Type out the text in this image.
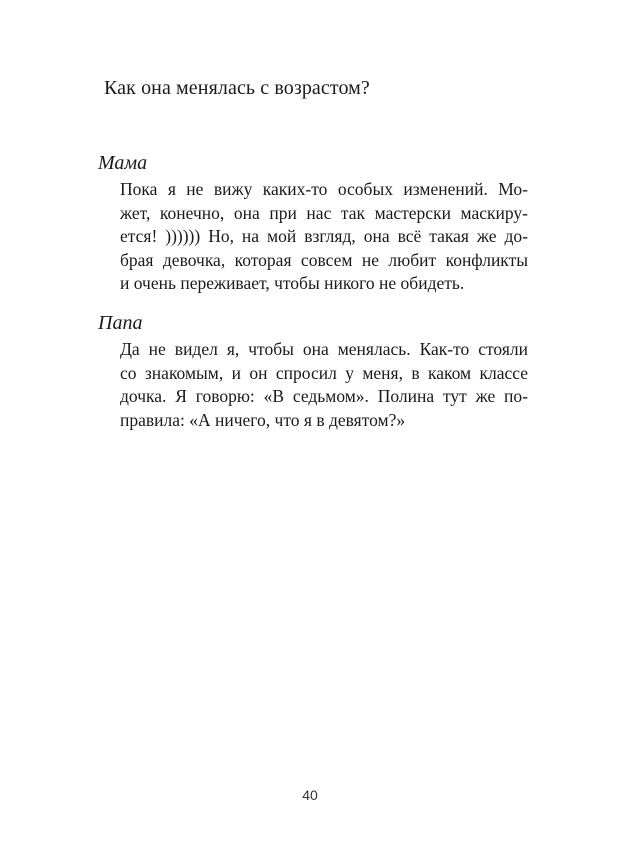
Как она менялась с возрастом?
Мама
Пока я не вижу каких-то особых изменений. Мо-
жет, конечно, она при нас так мастерски маскиру-
ется! )))))) Но, на мой взгляд, она всё такая же до-
брая девочка, которая совсем не любит конфликты
и очень переживает, чтобы никого не обидеть.
Папа
Да не видел я, чтобы она менялась. Как-то стояли
со знакомым, и он спросил у меня, в каком классе
дочка. Я говорю: «В седьмом». Полина тут же по-
правила: «А ничего, что я в девятом?»
40
